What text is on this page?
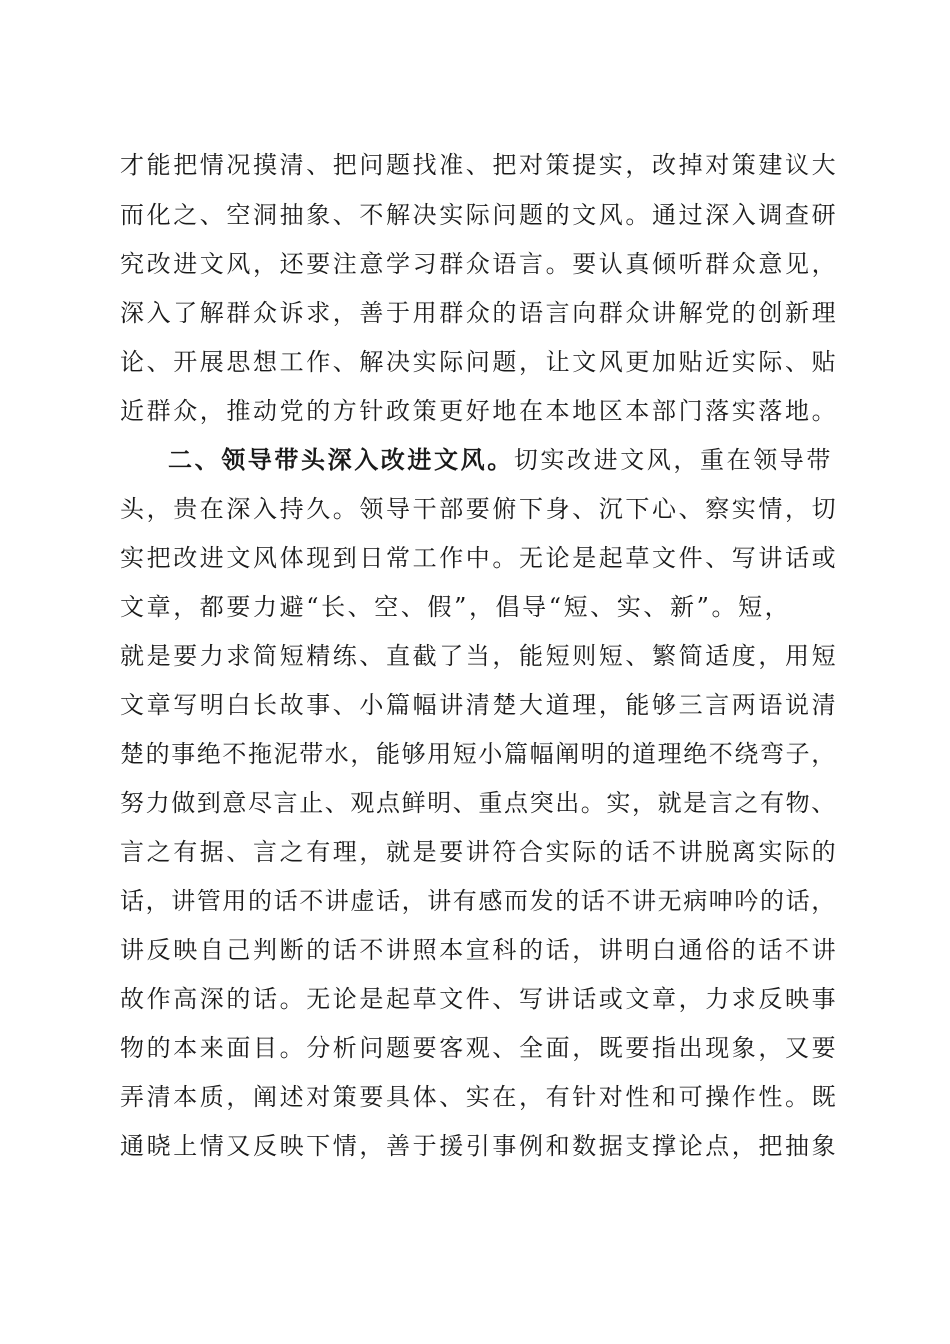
才能把情况摸清、把问题找准、把对策提实，改掉对策建议大
而化之、空洞抽象、不解决实际问题的文风。通过深入调查研
究改进文风，还要注意学习群众语言。要认真倾听群众意见，
深入了解群众诉求，善于用群众的语言向群众讲解党的创新理
论、开展思想工作、解决实际问题，让文风更加贴近实际、贴
近群众，推动党的方针政策更好地在本地区本部门落实落地。
二、领导带头深入改进文风。切实改进文风，重在领导带
头，贵在深入持久。领导干部要俯下身、沉下心、察实情，切
实把改进文风体现到日常工作中。无论是起草文件、写讲话或
文章，都要力避“长、空、假”，倡导“短、实、新”。短，
就是要力求简短精练、直截了当，能短则短、繁简适度，用短
文章写明白长故事、小篇幅讲清楚大道理，能够三言两语说清
楚的事绝不拖泥带水，能够用短小篇幅阐明的道理绝不绕弯子，
努力做到意尽言止、观点鲜明、重点突出。实，就是言之有物、
言之有据、言之有理，就是要讲符合实际的话不讲脱离实际的
话，讲管用的话不讲虚话，讲有感而发的话不讲无病呻吟的话，
讲反映自己判断的话不讲照本宣科的话，讲明白通俗的话不讲
故作高深的话。无论是起草文件、写讲话或文章，力求反映事
物的本来面目。分析问题要客观、全面，既要指出现象，又要
弄清本质，阐述对策要具体、实在，有针对性和可操作性。既
通晓上情又反映下情，善于援引事例和数据支撑论点，把抽象
